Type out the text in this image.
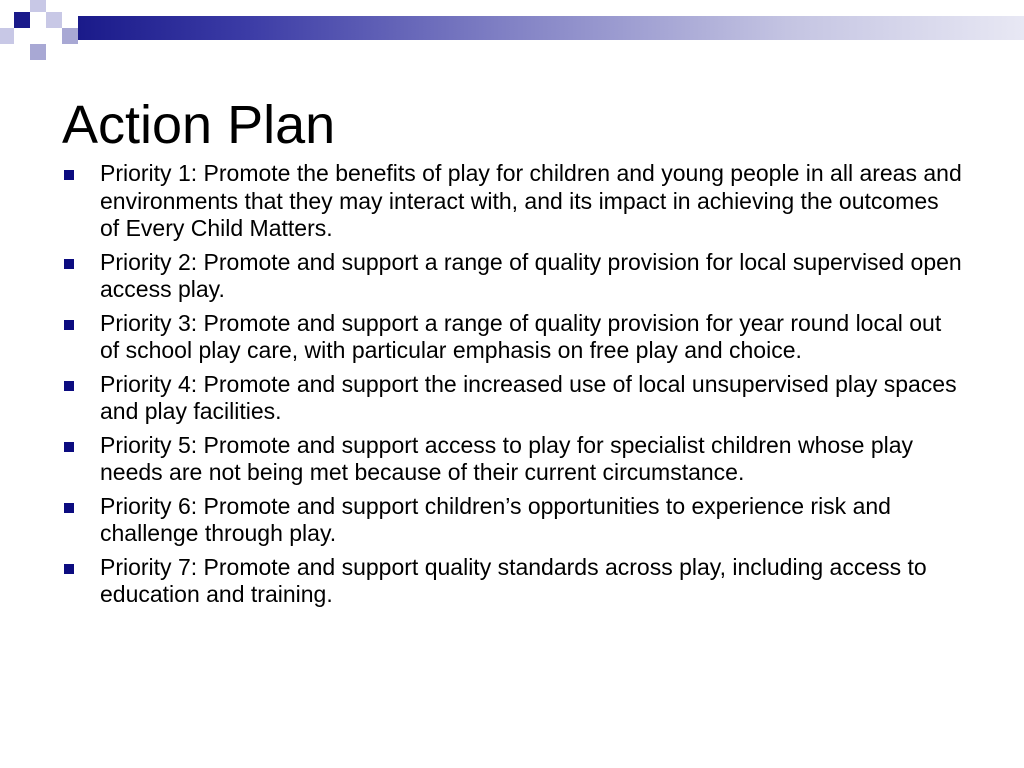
Action Plan
Priority 1: Promote the benefits of play for children and young people in all areas and environments that they may interact with, and its impact in achieving the outcomes of Every Child Matters.
Priority 2: Promote and support a range of quality provision for local supervised open access play.
Priority 3: Promote and support a range of quality provision for year round local out of school play care, with particular emphasis on free play and choice.
Priority 4: Promote and support the increased use of local unsupervised play spaces and play facilities.
Priority 5: Promote and support access to play for specialist children whose play needs are not being met because of their current circumstance.
Priority 6: Promote and support children’s opportunities to experience risk and challenge through play.
Priority 7: Promote and support quality standards across play, including access to education and training.
